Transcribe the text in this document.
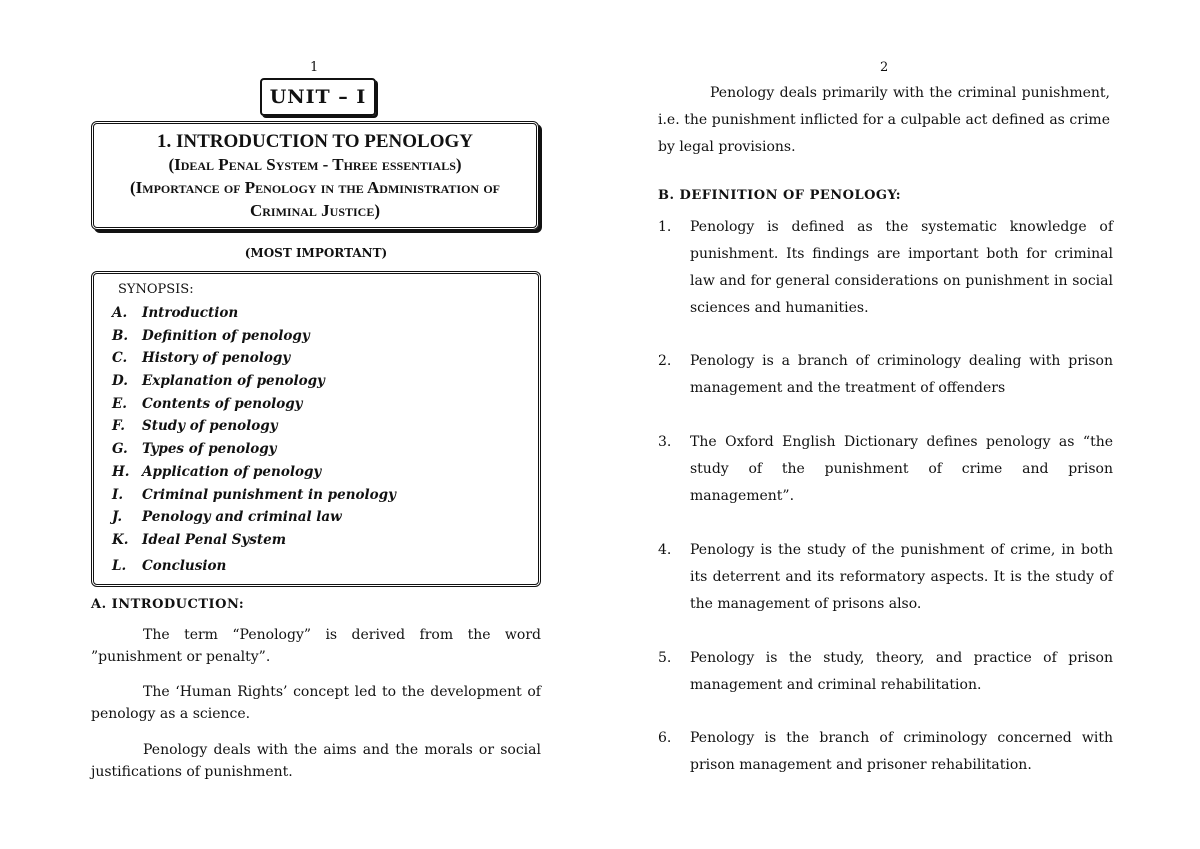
1
UNIT – I
1. INTRODUCTION TO PENOLOGY
(Ideal Penal System - Three essentials)
(Importance of Penology in the Administration of
Criminal Justice)
(MOST IMPORTANT)
SYNOPSIS:
A. Introduction
B. Definition of penology
C. History of penology
D. Explanation of penology
E. Contents of penology
F. Study of penology
G. Types of penology
H. Application of penology
I. Criminal punishment in penology
J. Penology and criminal law
K. Ideal Penal System
L. Conclusion
A. INTRODUCTION:

The term “Penology” is derived from the word ”punishment or penalty”.

The ‘Human Rights’ concept led to the development of penology as a science.

Penology deals with the aims and the morals or social justifications of punishment.

2

Penology deals primarily with the criminal punishment, i.e. the punishment inflicted for a culpable act defined as crime by legal provisions.

B. DEFINITION OF PENOLOGY:
1. Penology is defined as the systematic knowledge of punishment. Its findings are important both for criminal law and for general considerations on punishment in social sciences and humanities.
2. Penology is a branch of criminology dealing with prison management and the treatment of offenders
3. The Oxford English Dictionary defines penology as “the study of the punishment of crime and prison management”.
4. Penology is the study of the punishment of crime, in both its deterrent and its reformatory aspects. It is the study of the management of prisons also.
5. Penology is the study, theory, and practice of prison management and criminal rehabilitation.
6. Penology is the branch of criminology concerned with prison management and prisoner rehabilitation.
